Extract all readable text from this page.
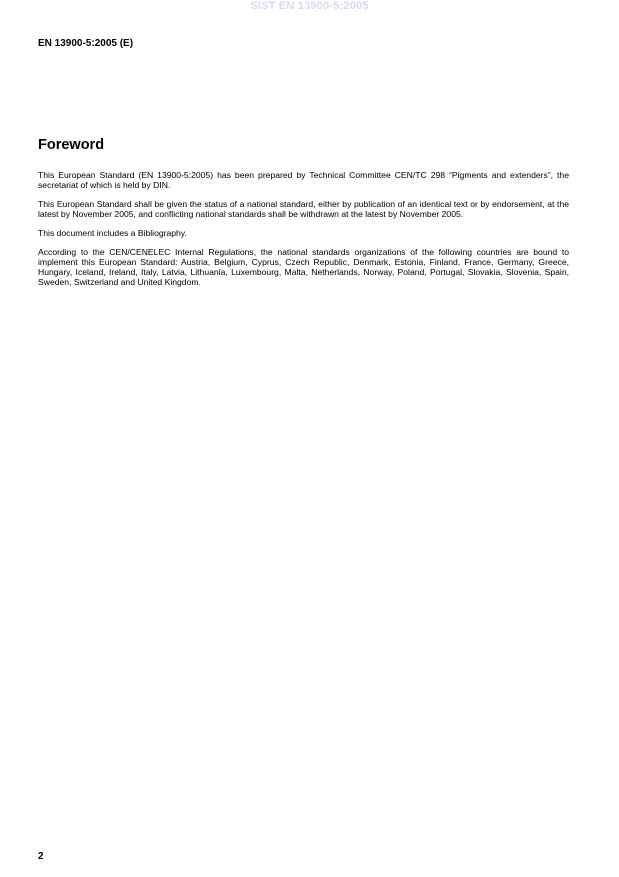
SIST EN 13900-5:2005
EN 13900-5:2005 (E)
Foreword

This European Standard (EN 13900-5:2005) has been prepared by Technical Committee CEN/TC 298 “Pigments and extenders”, the secretariat of which is held by DIN.

This European Standard shall be given the status of a national standard, either by publication of an identical text or by endorsement, at the latest by November 2005, and conflicting national standards shall be withdrawn at the latest by November 2005.

This document includes a Bibliography.

According to the CEN/CENELEC Internal Regulations, the national standards organizations of the following countries are bound to implement this European Standard: Austria, Belgium, Cyprus, Czech Republic, Denmark, Estonia, Finland, France, Germany, Greece, Hungary, Iceland, Ireland, Italy, Latvia, Lithuania, Luxembourg, Malta, Netherlands, Norway, Poland, Portugal, Slovakia, Slovenia, Spain, Sweden, Switzerland and United Kingdom.

2
